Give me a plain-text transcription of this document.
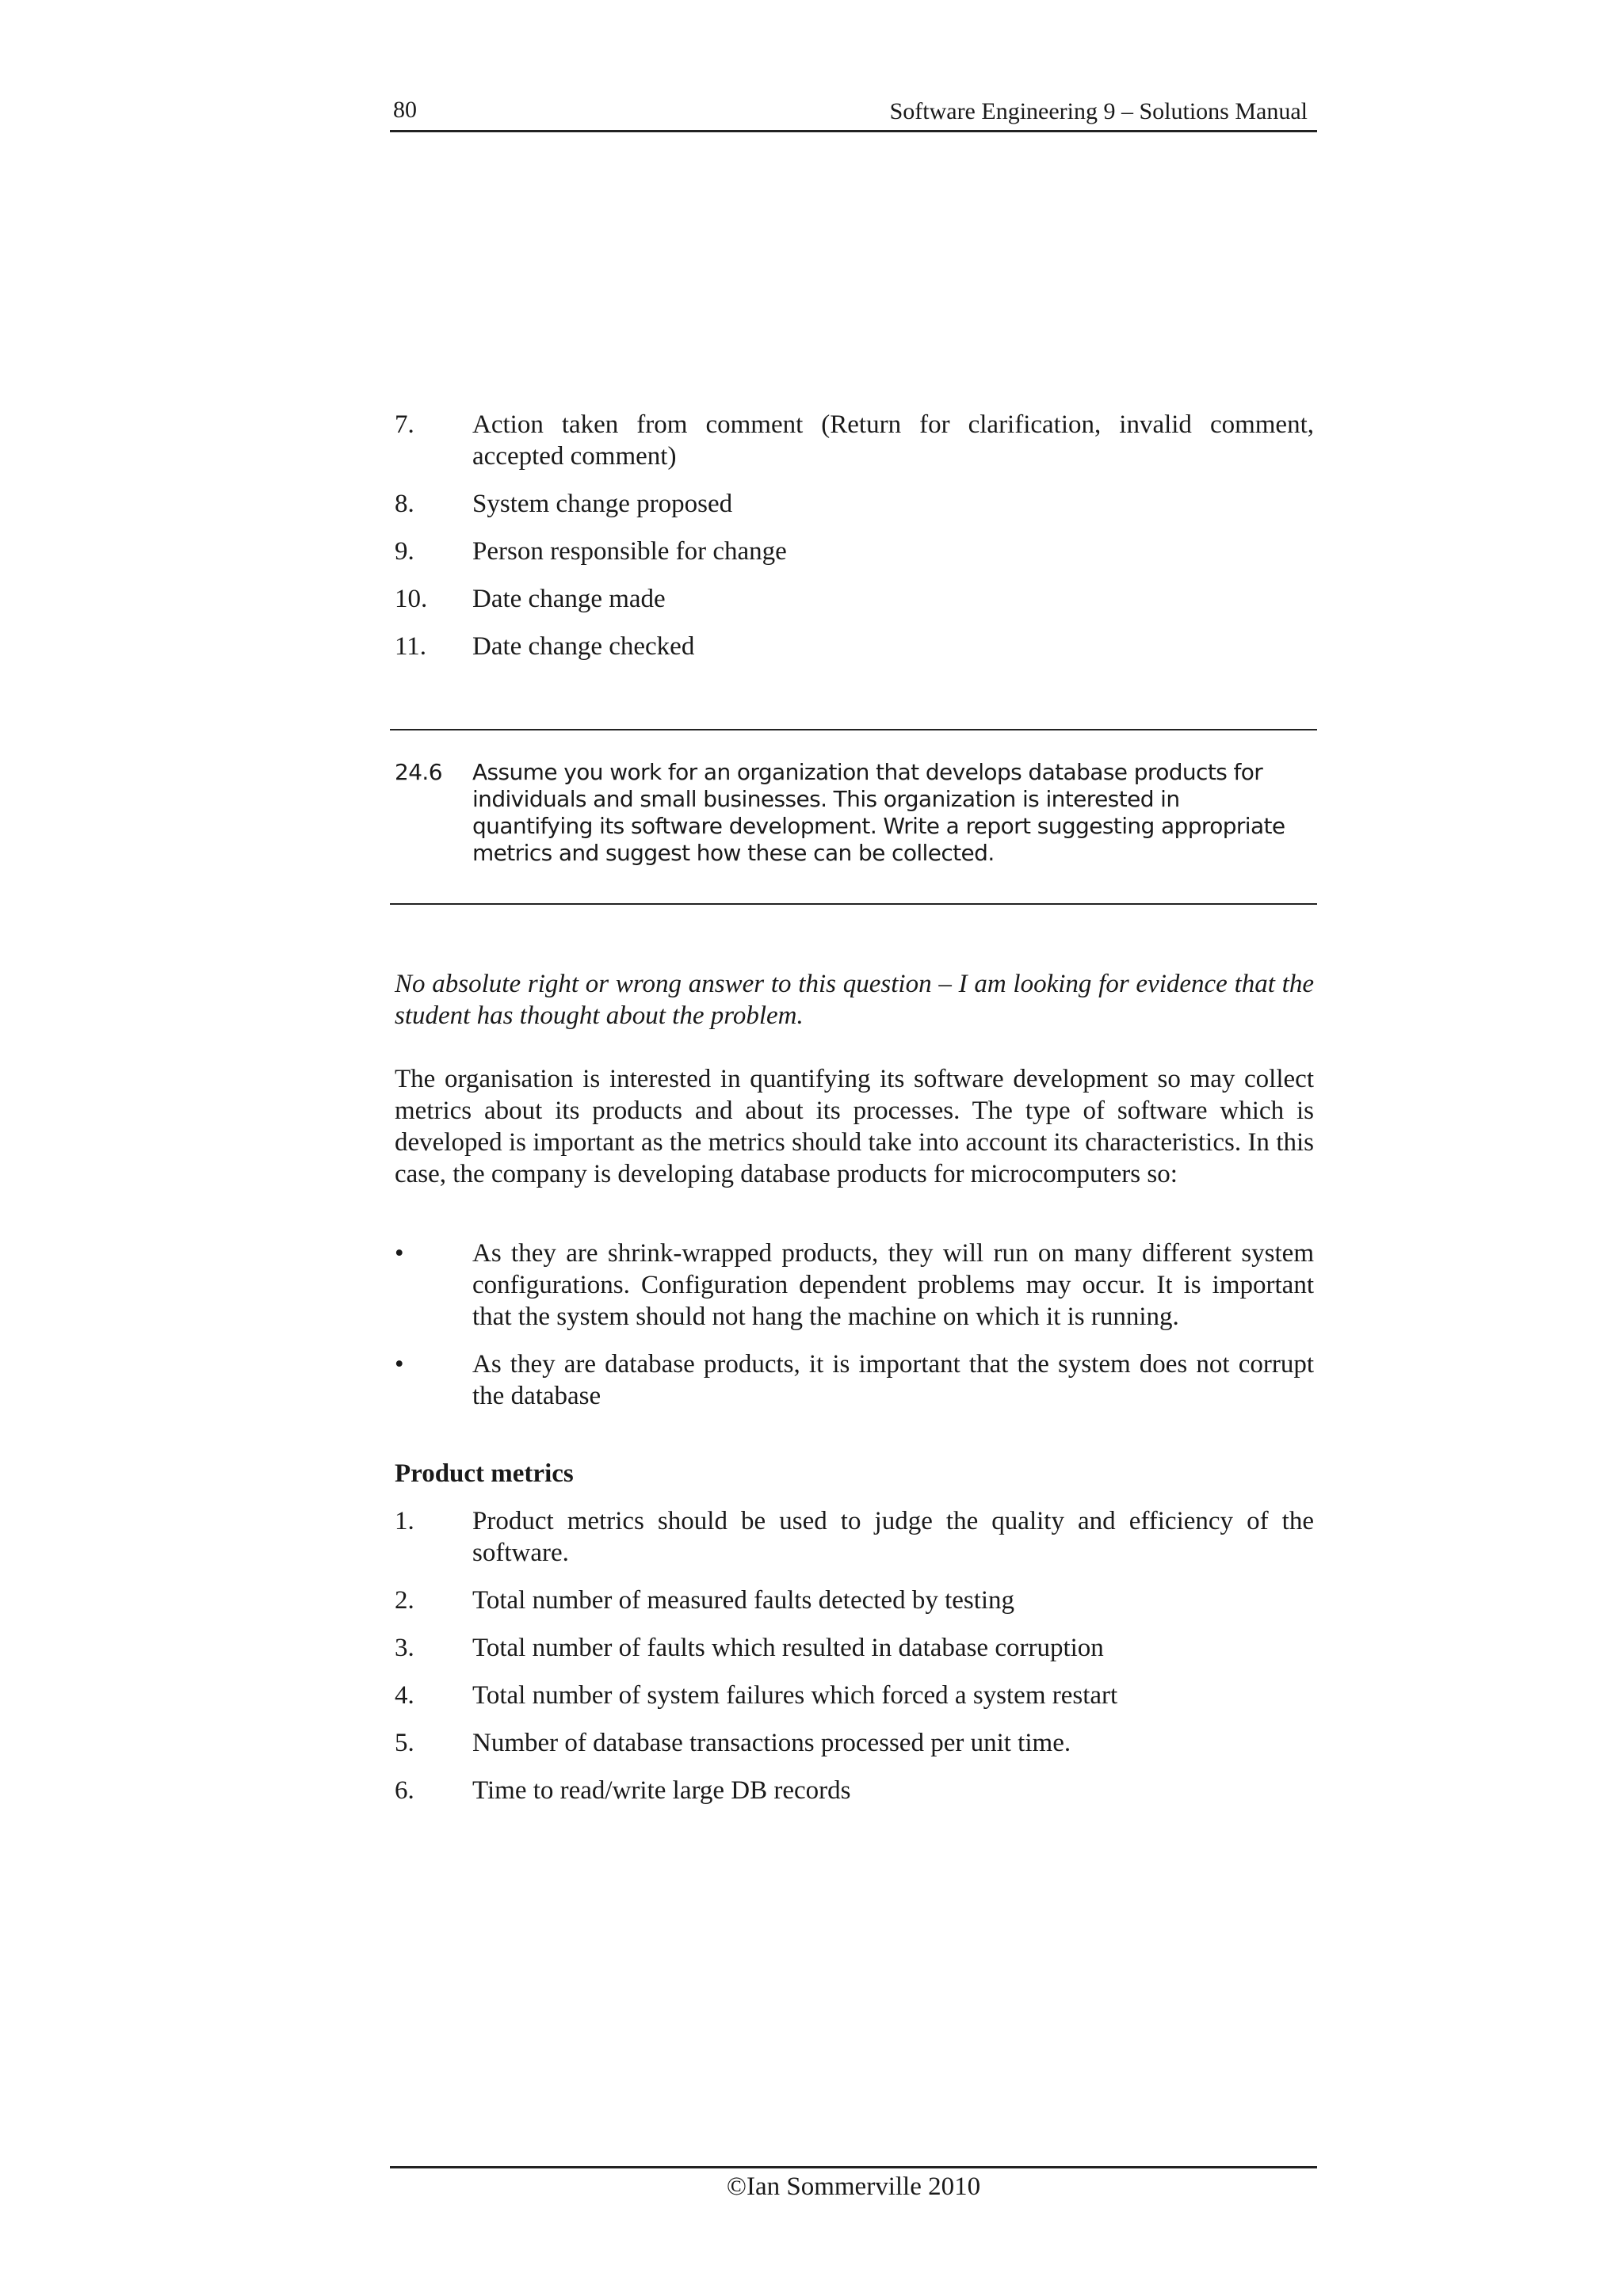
80	Software Engineering 9 – Solutions Manual
7. Action taken from comment (Return for clarification, invalid comment, accepted comment)
8. System change proposed
9. Person responsible for change
10. Date change made
11. Date change checked
24.6	Assume you work for an organization that develops database products for individuals and small businesses. This organization is interested in quantifying its software development. Write a report suggesting appropriate metrics and suggest how these can be collected.
No absolute right or wrong answer to this question – I am looking for evidence that the student has thought about the problem.
The organisation is interested in quantifying its software development so may collect metrics about its products and about its processes. The type of software which is developed is important as the metrics should take into account its characteristics. In this case, the company is developing database products for microcomputers so:
•	As they are shrink-wrapped products, they will run on many different system configurations. Configuration dependent problems may occur. It is important that the system should not hang the machine on which it is running.
•	As they are database products, it is important that the system does not corrupt the database
Product metrics
1. Product metrics should be used to judge the quality and efficiency of the software.
2. Total number of measured faults detected by testing
3. Total number of faults which resulted in database corruption
4. Total number of system failures which forced a system restart
5. Number of database transactions processed per unit time.
6. Time to read/write large DB records
©Ian Sommerville 2010
